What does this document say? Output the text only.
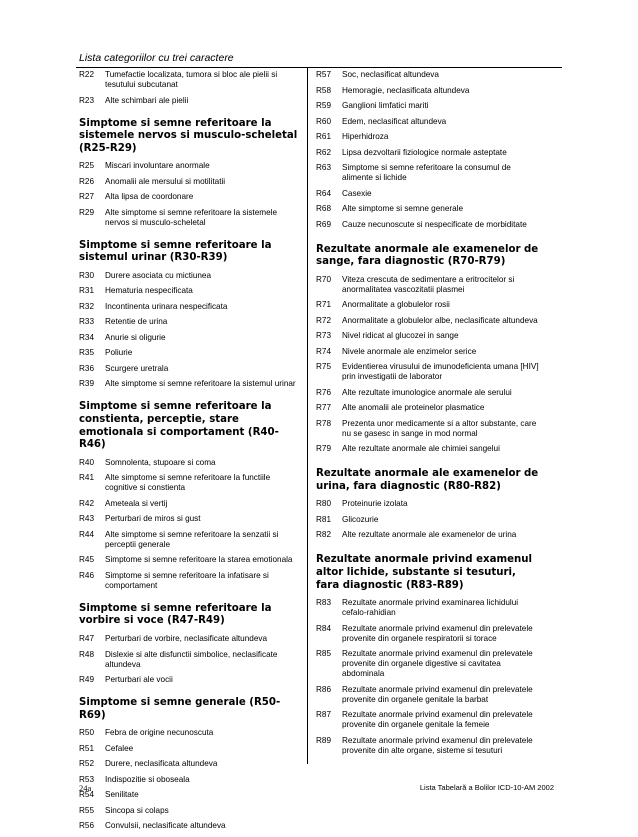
Lista categoriilor cu trei caractere
R22	Tumefactie localizata, tumora si bloc ale pielii si tesutului subcutanat
R23	Alte schimbari ale pielii
Simptome si semne referitoare la sistemele nervos si musculo-scheletal (R25-R29)
R25	Miscari involuntare anormale
R26	Anomalii ale mersului si motilitatii
R27	Alta lipsa de coordonare
R29	Alte simptome si semne referitoare la sistemele nervos si musculo-scheletal
Simptome si semne referitoare la sistemul urinar (R30-R39)
R30	Durere asociata cu mictiunea
R31	Hematuria nespecificata
R32	Incontinenta urinara nespecificata
R33	Retentie de urina
R34	Anurie si oligurie
R35	Poliurie
R36	Scurgere uretrala
R39	Alte simptome si semne referitoare la sistemul urinar
Simptome si semne referitoare la constienta, perceptie, stare emotionala si comportament (R40-R46)
R40	Somnolenta, stupoare si coma
R41	Alte simptome si semne referitoare la functiile cognitive si constienta
R42	Ameteala si vertij
R43	Perturbari de miros si gust
R44	Alte simptome si semne referitoare la senzatii si perceptii generale
R45	Simptome si semne referitoare la starea emotionala
R46	Simptome si semne referitoare la infatisare si comportament
Simptome si semne referitoare la vorbire si voce (R47-R49)
R47	Perturbari de vorbire, neclasificate altundeva
R48	Dislexie si alte disfunctii simbolice, neclasificate altundeva
R49	Perturbari ale vocii
Simptome si semne generale (R50-R69)
R50	Febra de origine necunoscuta
R51	Cefalee
R52	Durere, neclasificata altundeva
R53	Indispozitie si oboseala
R54	Senilitate
R55	Sincopa si colaps
R56	Convulsii, neclasificate altundeva
R57	Soc, neclasificat altundeva
R58	Hemoragie, neclasificata altundeva
R59	Ganglioni limfatici mariti
R60	Edem, neclasificat altundeva
R61	Hiperhidroza
R62	Lipsa dezvoltarii fiziologice normale asteptate
R63	Simptome si semne referitoare la consumul de alimente si lichide
R64	Casexie
R68	Alte simptome si semne generale
R69	Cauze necunoscute si nespecificate de morbiditate
Rezultate anormale ale examenelor de sange, fara diagnostic (R70-R79)
R70	Viteza crescuta de sedimentare a eritrocitelor si anormalitatea vascozitatii plasmei
R71	Anormalitate a globulelor rosii
R72	Anormalitate a globulelor albe, neclasificate altundeva
R73	Nivel ridicat al glucozei in sange
R74	Nivele anormale ale enzimelor serice
R75	Evidentierea virusului de imunodeficienta umana [HIV] prin investigatii de laborator
R76	Alte rezultate imunologice anormale ale serului
R77	Alte anomalii ale proteinelor plasmatice
R78	Prezenta unor medicamente si a altor substante, care nu se gasesc in sange in mod normal
R79	Alte rezultate anormale ale chimiei sangelui
Rezultate anormale ale examenelor de urina, fara diagnostic (R80-R82)
R80	Proteinurie izolata
R81	Glicozurie
R82	Alte rezultate anormale ale examenelor de urina
Rezultate anormale privind examenul altor lichide, substante si tesuturi, fara diagnostic (R83-R89)
R83	Rezultate anormale privind examinarea lichidului cefalo-rahidian
R84	Rezultate anormale privind examenul din prelevatele provenite din organele respiratorii si torace
R85	Rezultate anormale privind examenul din prelevatele provenite din organele digestive si cavitatea abdominala
R86	Rezultate anormale privind examenul din prelevatele provenite din organele genitale la barbat
R87	Rezultate anormale privind examenul din prelevatele provenite din organele genitale la femeie
R89	Rezultate anormale privind examenul din prelevatele provenite din alte organe, sisteme si tesuturi
24a	Lista Tabelară a Bolilor ICD-10-AM 2002
